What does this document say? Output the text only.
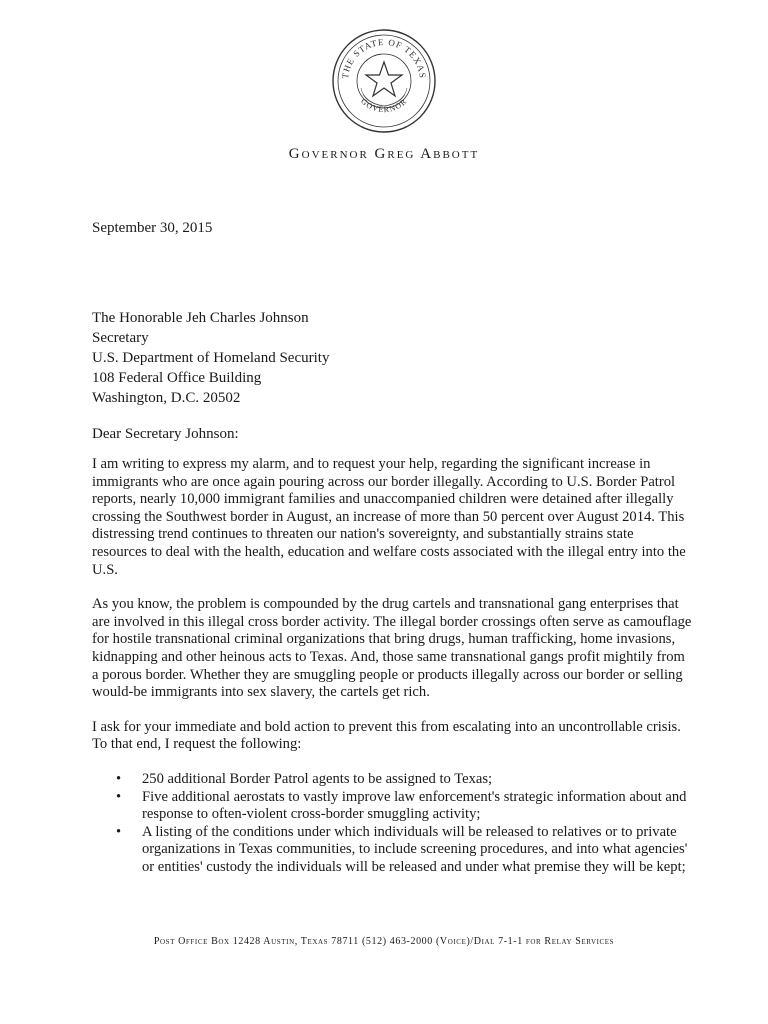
THE STATE OF TEXAS
GOVERNOR
Governor Greg Abbott
September 30, 2015
The Honorable Jeh Charles Johnson
Secretary
U.S. Department of Homeland Security
108 Federal Office Building
Washington, D.C. 20502
Dear Secretary Johnson:

I am writing to express my alarm, and to request your help, regarding the significant increase in immigrants who are once again pouring across our border illegally. According to U.S. Border Patrol reports, nearly 10,000 immigrant families and unaccompanied children were detained after illegally crossing the Southwest border in August, an increase of more than 50 percent over August 2014. This distressing trend continues to threaten our nation's sovereignty, and substantially strains state resources to deal with the health, education and welfare costs associated with the illegal entry into the U.S.

As you know, the problem is compounded by the drug cartels and transnational gang enterprises that are involved in this illegal cross border activity. The illegal border crossings often serve as camouflage for hostile transnational criminal organizations that bring drugs, human trafficking, home invasions, kidnapping and other heinous acts to Texas. And, those same transnational gangs profit mightily from a porous border. Whether they are smuggling people or products illegally across our border or selling would-be immigrants into sex slavery, the cartels get rich.

I ask for your immediate and bold action to prevent this from escalating into an uncontrollable crisis. To that end, I request the following:

•	250 additional Border Patrol agents to be assigned to Texas;
•	Five additional aerostats to vastly improve law enforcement's strategic information about and response to often-violent cross-border smuggling activity;
•	A listing of the conditions under which individuals will be released to relatives or to private organizations in Texas communities, to include screening procedures, and into what agencies' or entities' custody the individuals will be released and under what premise they will be kept;
Post Office Box 12428 Austin, Texas 78711 (512) 463-2000 (Voice)/Dial 7-1-1 for Relay Services
